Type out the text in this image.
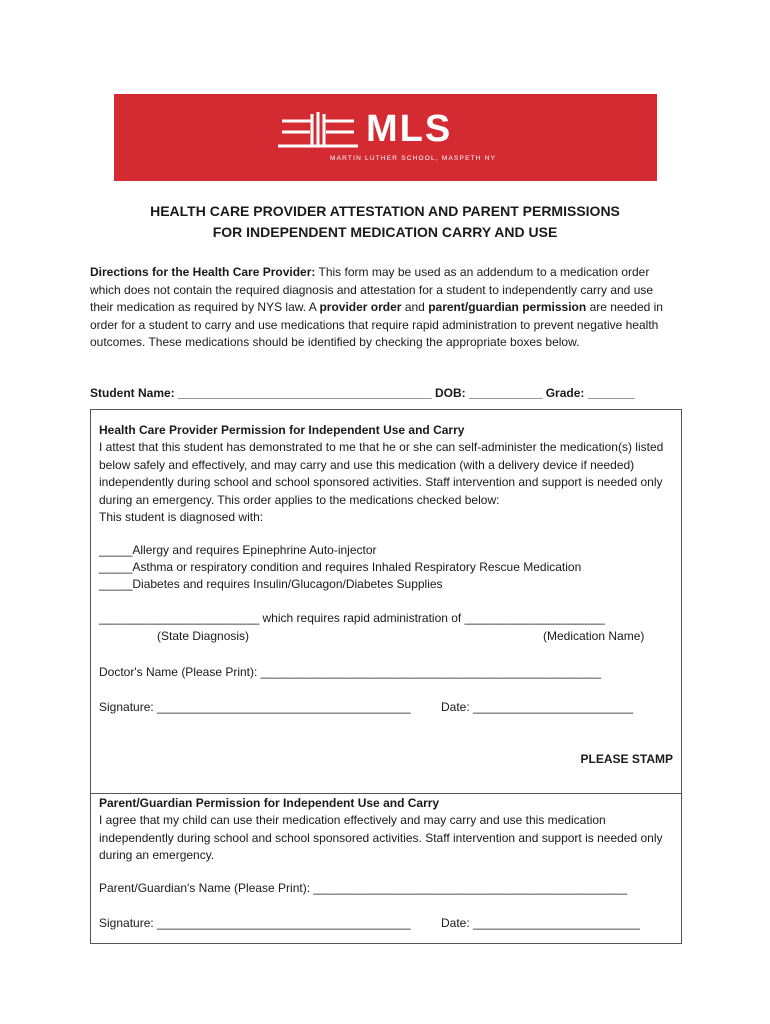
MLS
MARTIN LUTHER SCHOOL, MASPETH NY
HEALTH CARE PROVIDER ATTESTATION AND PARENT PERMISSIONS
FOR INDEPENDENT MEDICATION CARRY AND USE
Directions for the Health Care Provider: This form may be used as an addendum to a medication order which does not contain the required diagnosis and attestation for a student to independently carry and use their medication as required by NYS law. A provider order and parent/guardian permission are needed in order for a student to carry and use medications that require rapid administration to prevent negative health outcomes. These medications should be identified by checking the appropriate boxes below.
Student Name: ______________________________________ DOB: ___________ Grade: _______
Health Care Provider Permission for Independent Use and Carry
I attest that this student has demonstrated to me that he or she can self-administer the medication(s) listed below safely and effectively, and may carry and use this medication (with a delivery device if needed) independently during school and school sponsored activities. Staff intervention and support is needed only during an emergency. This order applies to the medications checked below:
This student is diagnosed with:
_____Allergy and requires Epinephrine Auto-injector
_____Asthma or respiratory condition and requires Inhaled Respiratory Rescue Medication
_____Diabetes and requires Insulin/Glucagon/Diabetes Supplies
________________________ which requires rapid administration of _____________________
(State Diagnosis)	(Medication Name)
Doctor's Name (Please Print): ___________________________________________________
Signature: ______________________________________	Date: ________________________
PLEASE STAMP
Parent/Guardian Permission for Independent Use and Carry
I agree that my child can use their medication effectively and may carry and use this medication independently during school and school sponsored activities. Staff intervention and support is needed only during an emergency.
Parent/Guardian's Name (Please Print): _______________________________________________
Signature: ______________________________________	Date: _________________________
